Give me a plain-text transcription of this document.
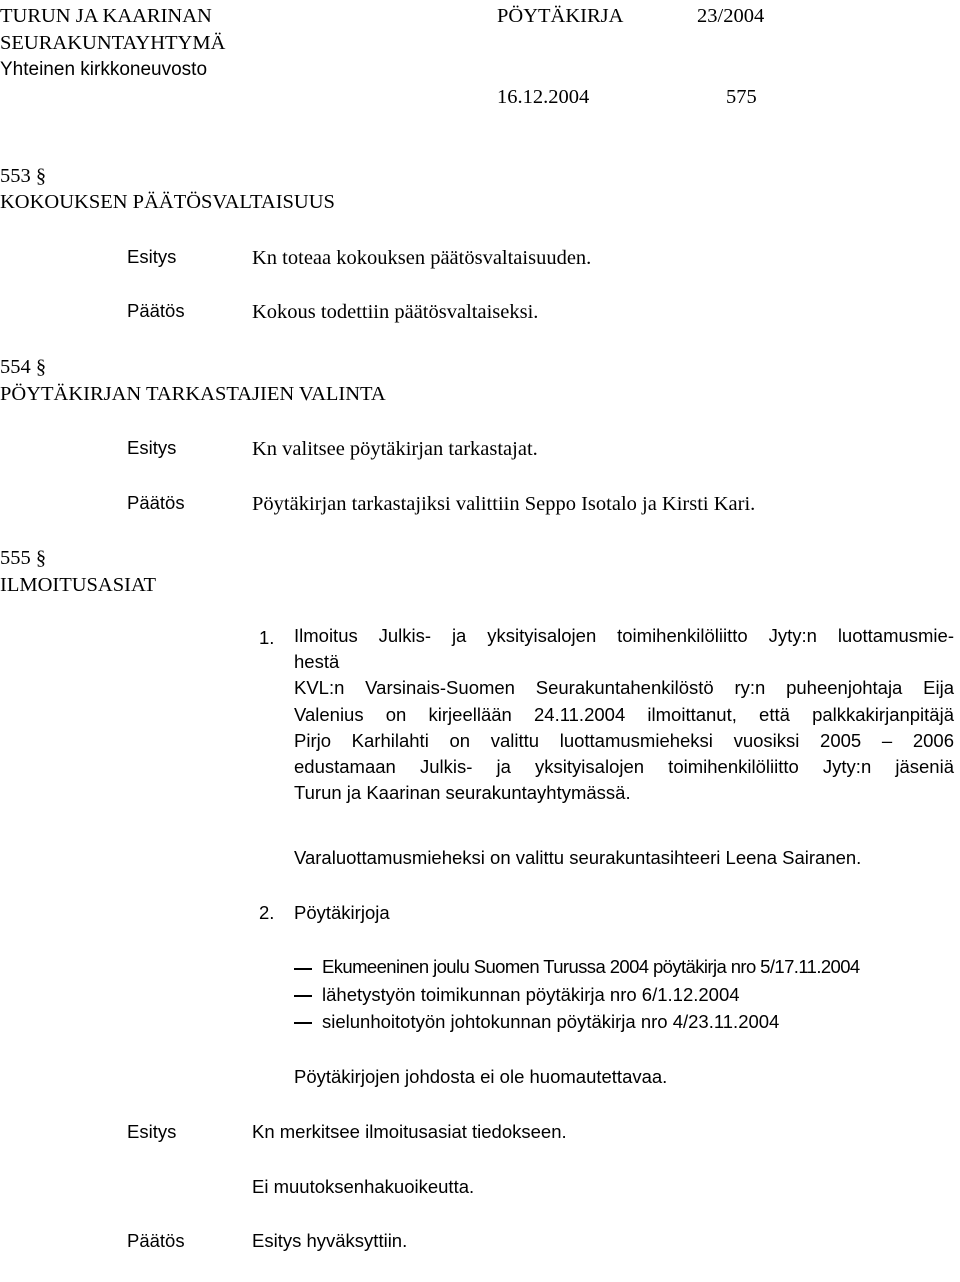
TURUN JA KAARINAN
SEURAKUNTAYHTYMÄ
Yhteinen kirkkoneuvosto
PÖYTÄKIRJA	23/2004
16.12.2004	575
553 §
KOKOUKSEN PÄÄTÖSVALTAISUUS
Esitys	Kn toteaa kokouksen päätösvaltaisuuden.
Päätös	Kokous todettiin päätösvaltaiseksi.
554 §
PÖYTÄKIRJAN TARKASTAJIEN VALINTA
Esitys	Kn valitsee pöytäkirjan tarkastajat.
Päätös	Pöytäkirjan tarkastajiksi valittiin Seppo Isotalo ja Kirsti Kari.
555 §
ILMOITUSASIAT
1. Ilmoitus Julkis- ja yksityisalojen toimihenkilöliitto Jyty:n luottamusmie-
hestä
KVL:n Varsinais-Suomen Seurakuntahenkilöstö ry:n puheenjohtaja Eija
Valenius on kirjeellään 24.11.2004 ilmoittanut, että palkkakirjanpitäjä
Pirjo Karhilahti on valittu luottamusmieheksi vuosiksi 2005 – 2006
edustamaan Julkis- ja yksityisalojen toimihenkilöliitto Jyty:n jäseniä
Turun ja Kaarinan seurakuntayhtymässä.
Varaluottamusmieheksi on valittu seurakuntasihteeri Leena Sairanen.
2. Pöytäkirjoja
Ekumeeninen joulu Suomen Turussa 2004 pöytäkirja nro 5/17.11.2004
lähetystyön toimikunnan pöytäkirja nro 6/1.12.2004
sielunhoitotyön johtokunnan pöytäkirja nro 4/23.11.2004
Pöytäkirjojen johdosta ei ole huomautettavaa.
Esitys	Kn merkitsee ilmoitusasiat tiedokseen.
Ei muutoksenhakuoikeutta.
Päätös	Esitys hyväksyttiin.
